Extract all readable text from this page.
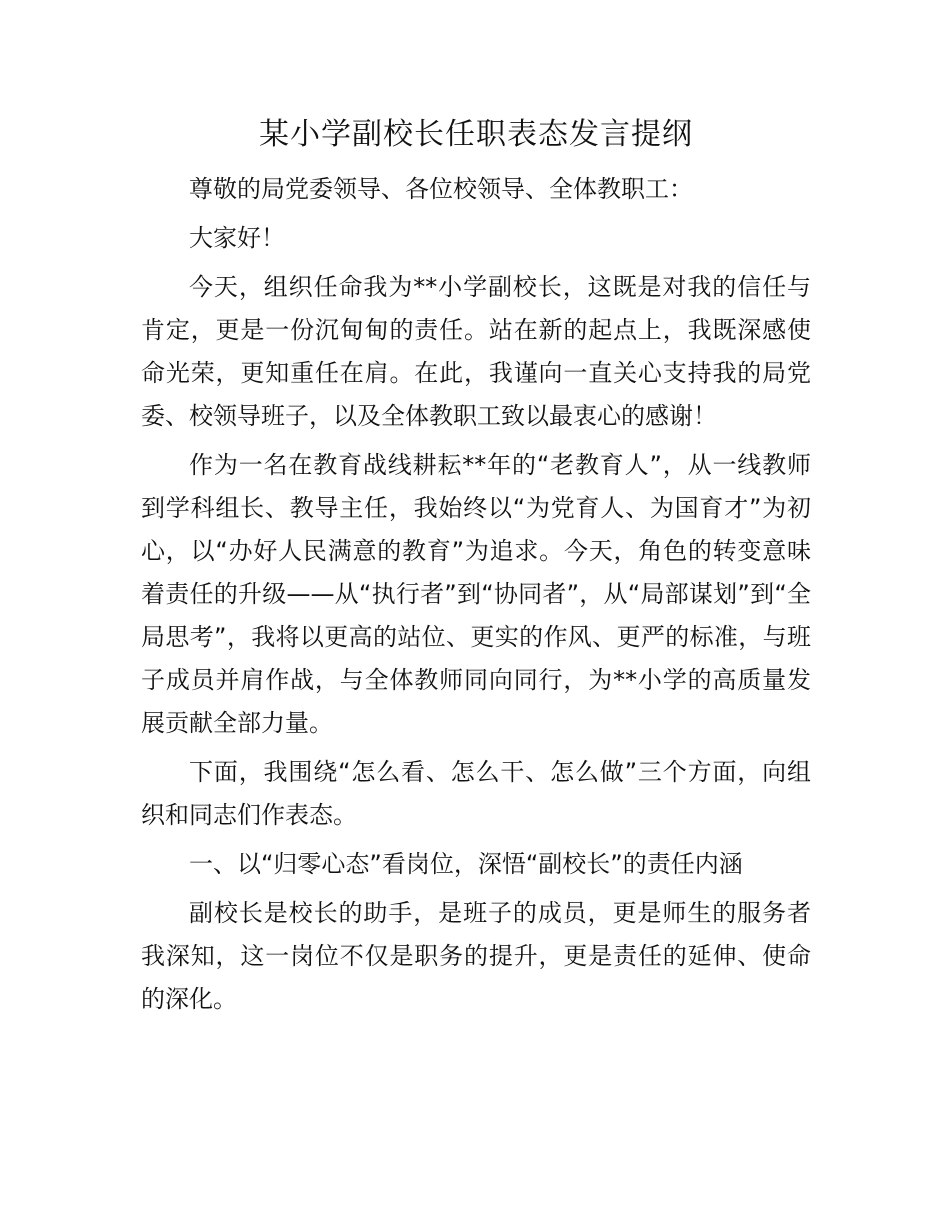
某小学副校长任职表态发言提纲

尊敬的局党委领导、各位校领导、全体教职工：

大家好！

今天，组织任命我为**小学副校长，这既是对我的信任与肯定，更是一份沉甸甸的责任。站在新的起点上，我既深感使命光荣，更知重任在肩。在此，我谨向一直关心支持我的局党委、校领导班子，以及全体教职工致以最衷心的感谢！

作为一名在教育战线耕耘**年的“老教育人”，从一线教师到学科组长、教导主任，我始终以“为党育人、为国育才”为初心，以“办好人民满意的教育”为追求。今天，角色的转变意味着责任的升级——从“执行者”到“协同者”，从“局部谋划”到“全局思考”，我将以更高的站位、更实的作风、更严的标准，与班子成员并肩作战，与全体教师同向同行，为**小学的高质量发展贡献全部力量。

下面，我围绕“怎么看、怎么干、怎么做”三个方面，向组织和同志们作表态。

一、以“归零心态”看岗位，深悟“副校长”的责任内涵

副校长是校长的助手，是班子的成员，更是师生的服务者我深知，这一岗位不仅是职务的提升，更是责任的延伸、使命的深化。
